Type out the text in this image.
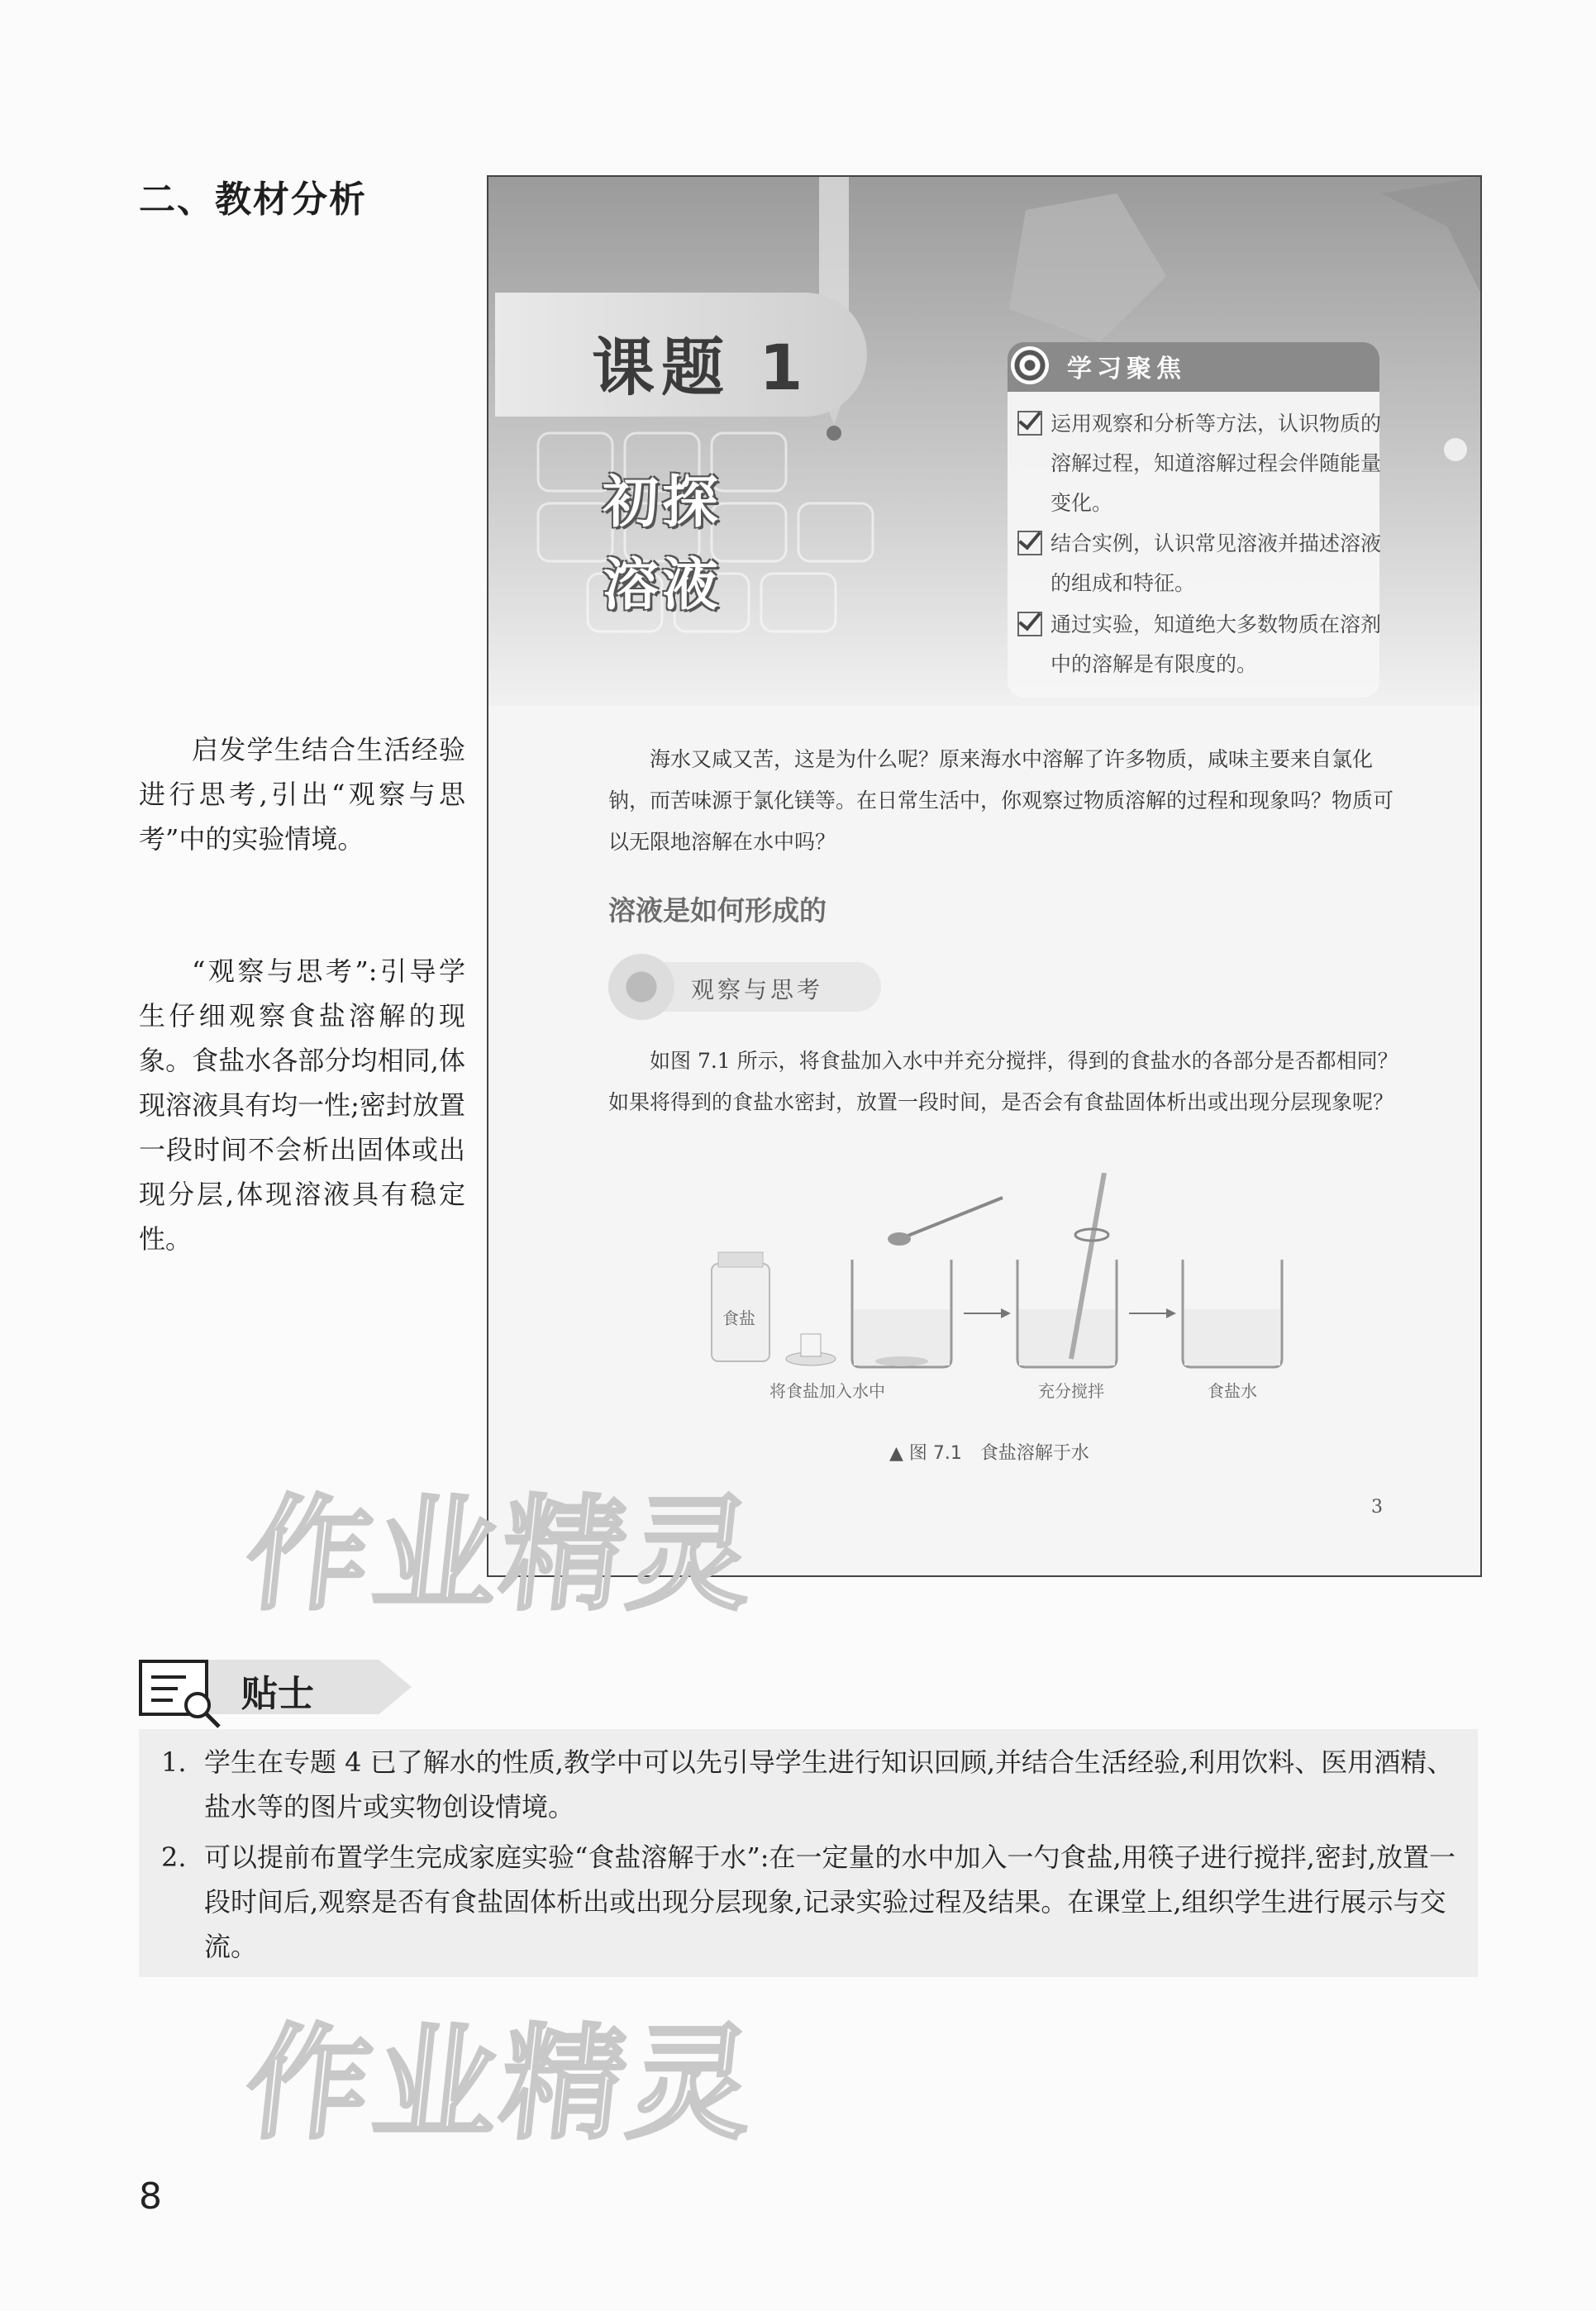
二、教材分析

启发学生结合生活经验进行思考,引出“观察与思考”中的实验情境。

“观察与思考”:引导学生仔细观察食盐溶解的现象。食盐水各部分均相同,体现溶液具有均一性;密封放置一段时间不会析出固体或出现分层,体现溶液具有稳定性。

课题 1
初探
溶液
学习聚焦
运用观察和分析等方法，认识物质的溶解过程，知道溶解过程会伴随能量变化。
结合实例，认识常见溶液并描述溶液的组成和特征。
通过实验，知道绝大多数物质在溶剂中的溶解是有限度的。

海水又咸又苦，这是为什么呢？原来海水中溶解了许多物质，咸味主要来自氯化钠，而苦味源于氯化镁等。在日常生活中，你观察过物质溶解的过程和现象吗？物质可以无限地溶解在水中吗？

溶液是如何形成的
观察与思考

如图 7.1 所示，将食盐加入水中并充分搅拌，得到的食盐水的各部分是否都相同？如果将得到的食盐水密封，放置一段时间，是否会有食盐固体析出或出现分层现象呢？

食盐
将食盐加入水中	充分搅拌	食盐水
▲ 图 7.1　食盐溶解于水
3
作业精灵
作业精灵
贴士
1. 学生在专题 4 已了解水的性质,教学中可以先引导学生进行知识回顾,并结合生活经验,利用饮料、医用酒精、盐水等的图片或实物创设情境。
2. 可以提前布置学生完成家庭实验“食盐溶解于水”:在一定量的水中加入一勺食盐,用筷子进行搅拌,密封,放置一段时间后,观察是否有食盐固体析出或出现分层现象,记录实验过程及结果。在课堂上,组织学生进行展示与交流。
8
